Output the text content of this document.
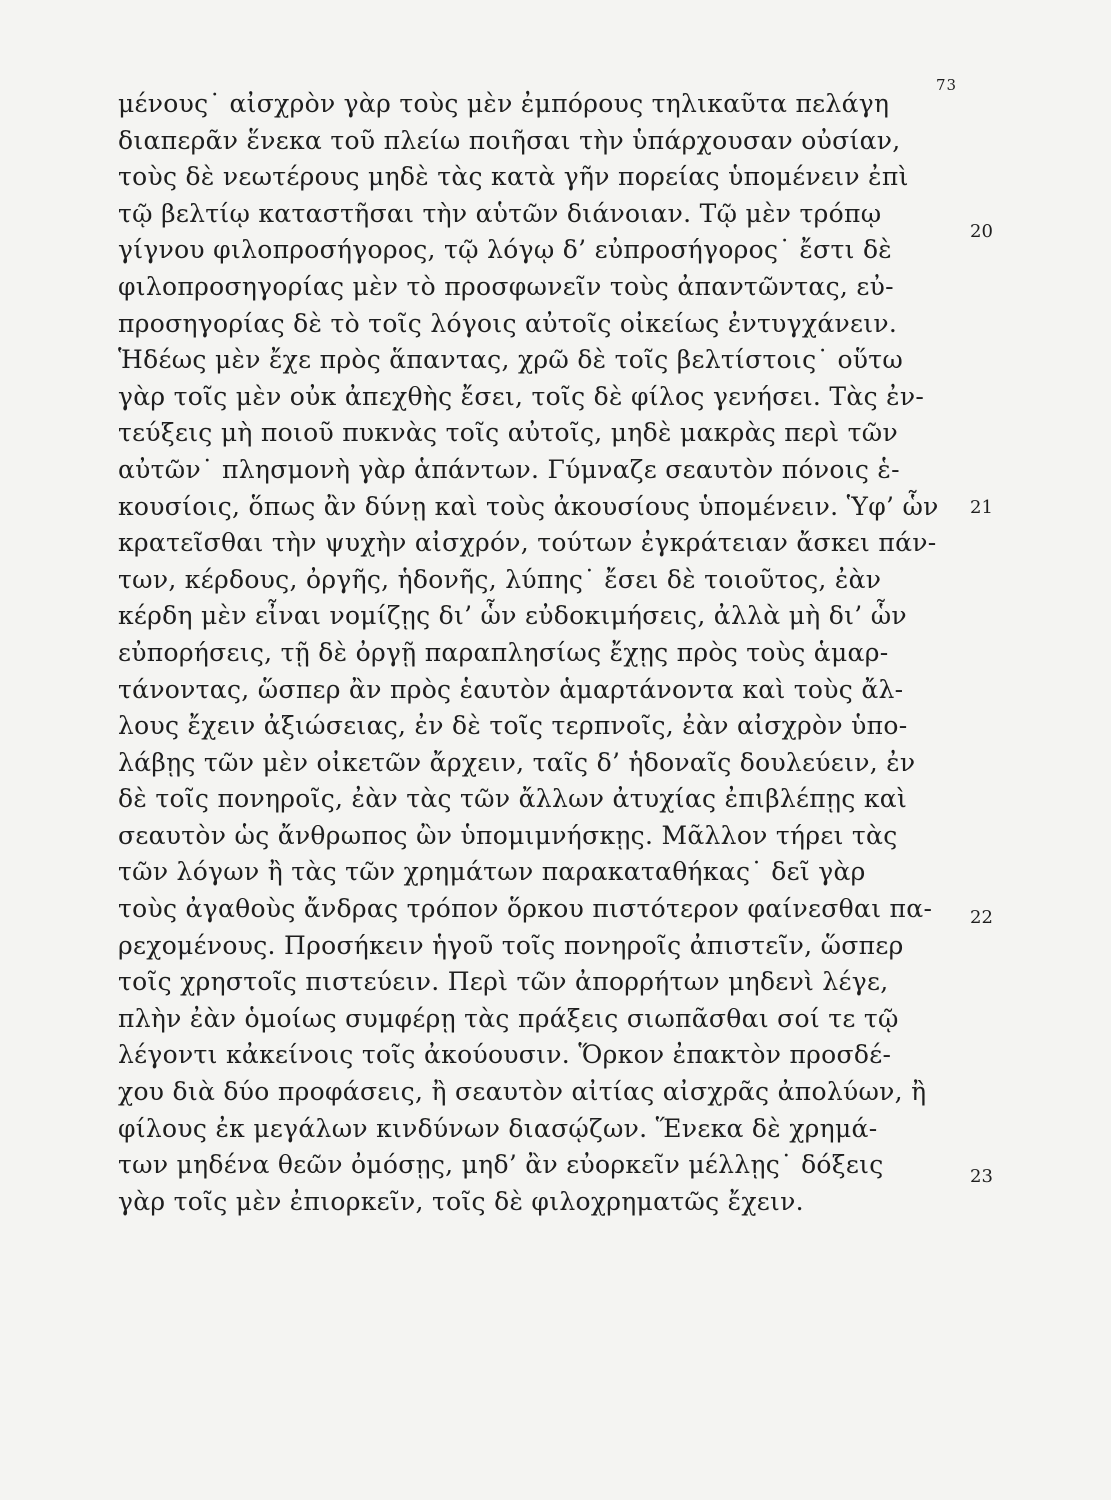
73
μένους˙ αἰσχρὸν γὰρ τοὺς μὲν ἐμπόρους τηλικαῦτα πελάγη
διαπερᾶν ἕνεκα τοῦ πλείω ποιῆσαι τὴν ὑπάρχουσαν οὐσίαν,
τοὺς δὲ νεωτέρους μηδὲ τὰς κατὰ γῆν πορείας ὑπομένειν ἐπὶ
τῷ βελτίῳ καταστῆσαι τὴν αὑτῶν διάνοιαν. Τῷ μὲν τρόπῳ
γίγνου φιλοπροσήγορος, τῷ λόγῳ δ’ εὐπροσήγορος˙ ἔστι δὲ
φιλοπροσηγορίας μὲν τὸ προσφωνεῖν τοὺς ἀπαντῶντας, εὐ-
προσηγορίας δὲ τὸ τοῖς λόγοις αὐτοῖς οἰκείως ἐντυγχάνειν.
Ἡδέως μὲν ἔχε πρὸς ἅπαντας, χρῶ δὲ τοῖς βελτίστοις˙ οὕτω
γὰρ τοῖς μὲν οὐκ ἀπεχθὴς ἔσει, τοῖς δὲ φίλος γενήσει. Τὰς ἐν-
τεύξεις μὴ ποιοῦ πυκνὰς τοῖς αὐτοῖς, μηδὲ μακρὰς περὶ τῶν
αὐτῶν˙ πλησμονὴ γὰρ ἁπάντων. Γύμναζε σεαυτὸν πόνοις ἑ-
κουσίοις, ὅπως ἂν δύνῃ καὶ τοὺς ἀκουσίους ὑπομένειν. Ὑφ’ ὧν
κρατεῖσθαι τὴν ψυχὴν αἰσχρόν, τούτων ἐγκράτειαν ἄσκει πάν-
των, κέρδους, ὀργῆς, ἡδονῆς, λύπης˙ ἔσει δὲ τοιοῦτος, ἐὰν
κέρδη μὲν εἶναι νομίζῃς δι’ ὧν εὐδοκιμήσεις, ἀλλὰ μὴ δι’ ὧν
εὐπορήσεις, τῇ δὲ ὀργῇ παραπλησίως ἔχῃς πρὸς τοὺς ἁμαρ-
τάνοντας, ὥσπερ ἂν πρὸς ἑαυτὸν ἁμαρτάνοντα καὶ τοὺς ἄλ-
λους ἔχειν ἀξιώσειας, ἐν δὲ τοῖς τερπνοῖς, ἐὰν αἰσχρὸν ὑπο-
λάβῃς τῶν μὲν οἰκετῶν ἄρχειν, ταῖς δ’ ἡδοναῖς δουλεύειν, ἐν
δὲ τοῖς πονηροῖς, ἐὰν τὰς τῶν ἄλλων ἀτυχίας ἐπιβλέπῃς καὶ
σεαυτὸν ὡς ἄνθρωπος ὢν ὑπομιμνήσκῃς. Μᾶλλον τήρει τὰς
τῶν λόγων ἢ τὰς τῶν χρημάτων παρακαταθήκας˙ δεῖ γὰρ
τοὺς ἀγαθοὺς ἄνδρας τρόπον ὅρκου πιστότερον φαίνεσθαι πα-
ρεχομένους. Προσήκειν ἡγοῦ τοῖς πονηροῖς ἀπιστεῖν, ὥσπερ
τοῖς χρηστοῖς πιστεύειν. Περὶ τῶν ἀπορρήτων μηδενὶ λέγε,
πλὴν ἐὰν ὁμοίως συμφέρῃ τὰς πράξεις σιωπᾶσθαι σοί τε τῷ
λέγοντι κἀκείνοις τοῖς ἀκούουσιν. Ὅρκον ἐπακτὸν προσδέ-
χου διὰ δύο προφάσεις, ἢ σεαυτὸν αἰτίας αἰσχρᾶς ἀπολύων, ἢ
φίλους ἐκ μεγάλων κινδύνων διασῴζων. Ἕνεκα δὲ χρημά-
των μηδένα θεῶν ὀμόσῃς, μηδ’ ἂν εὐορκεῖν μέλλῃς˙ δόξεις
γὰρ τοῖς μὲν ἐπιορκεῖν, τοῖς δὲ φιλοχρηματῶς ἔχειν.
20
21
22
23
